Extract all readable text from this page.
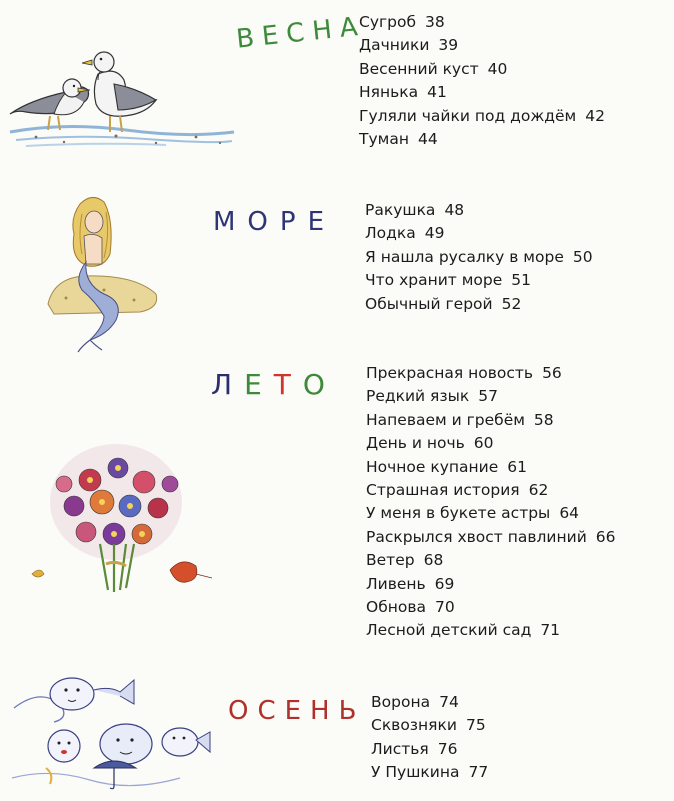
ВЕСНА
Сугроб 38
Дачники 39
Весенний куст 40
Нянька 41
Гуляли чайки под дождём 42
Туман 44
МОРЕ Ракушка 48
Лодка 49
Я нашла русалку в море 50
Что хранит море 51
Обычный герой 52
ЛЕТО Прекрасная новость 56
Редкий язык 57
Напеваем и гребём 58
День и ночь 60
Ночное купание 61
Страшная история 62
У меня в букете астры 64
Раскрылся хвост павлиний 66
Ветер 68
Ливень 69
Обнова 70
Лесной детский сад 71
ОСЕНЬ Ворона 74
Сквозняки 75
Листья 76
У Пушкина 77
